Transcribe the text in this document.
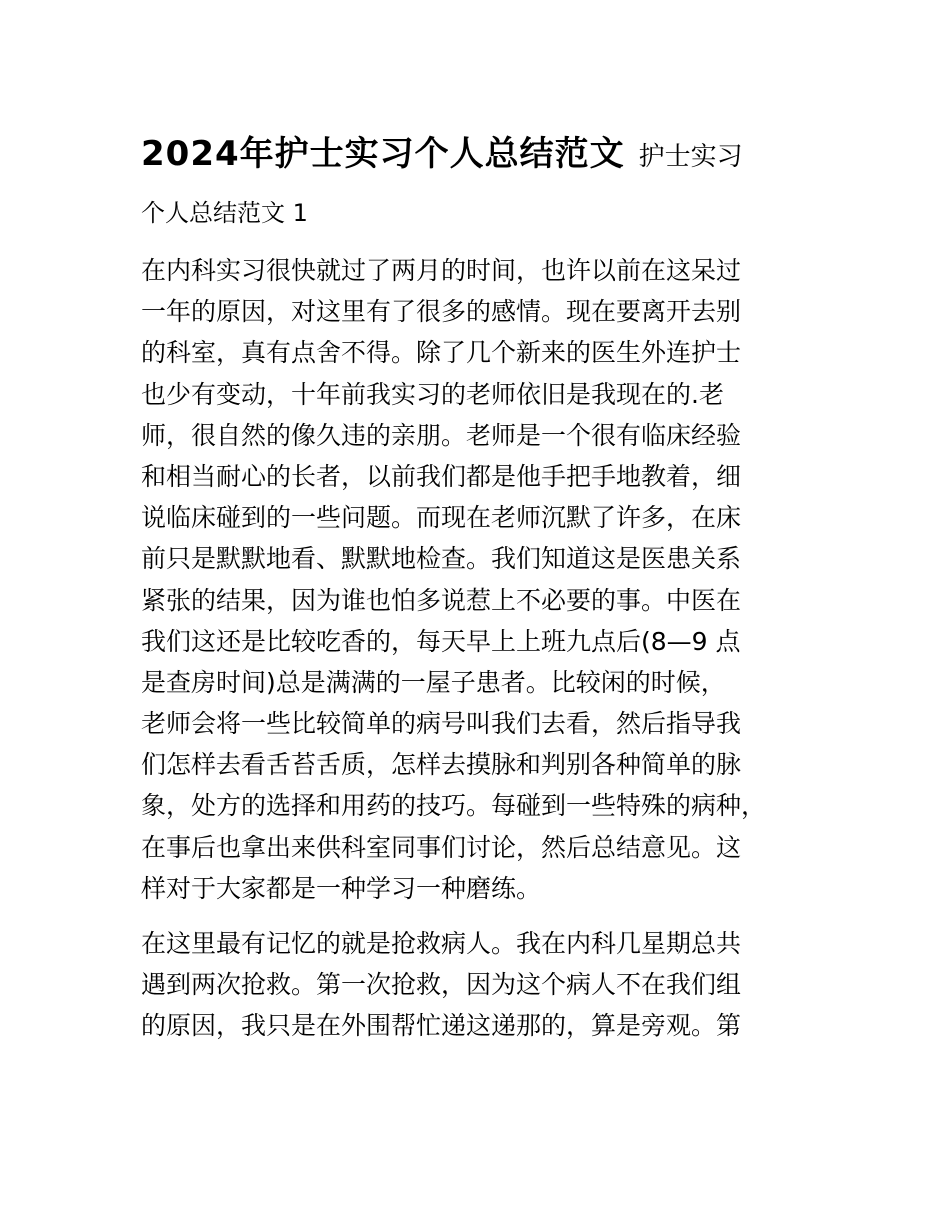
2024年护士实习个人总结范文 护士实习
个人总结范文 1
在内科实习很快就过了两月的时间，也许以前在这呆过
一年的原因，对这里有了很多的感情。现在要离开去别
的科室，真有点舍不得。除了几个新来的医生外连护士
也少有变动，十年前我实习的老师依旧是我现在的.老
师，很自然的像久违的亲朋。老师是一个很有临床经验
和相当耐心的长者，以前我们都是他手把手地教着，细
说临床碰到的一些问题。而现在老师沉默了许多，在床
前只是默默地看、默默地检查。我们知道这是医患关系
紧张的结果，因为谁也怕多说惹上不必要的事。中医在
我们这还是比较吃香的，每天早上上班九点后(8—9 点
是查房时间)总是满满的一屋子患者。比较闲的时候，
老师会将一些比较简单的病号叫我们去看，然后指导我
们怎样去看舌苔舌质，怎样去摸脉和判别各种简单的脉
象，处方的选择和用药的技巧。每碰到一些特殊的病种，
在事后也拿出来供科室同事们讨论，然后总结意见。这
样对于大家都是一种学习一种磨练。
在这里最有记忆的就是抢救病人。我在内科几星期总共
遇到两次抢救。第一次抢救，因为这个病人不在我们组
的原因，我只是在外围帮忙递这递那的，算是旁观。第
